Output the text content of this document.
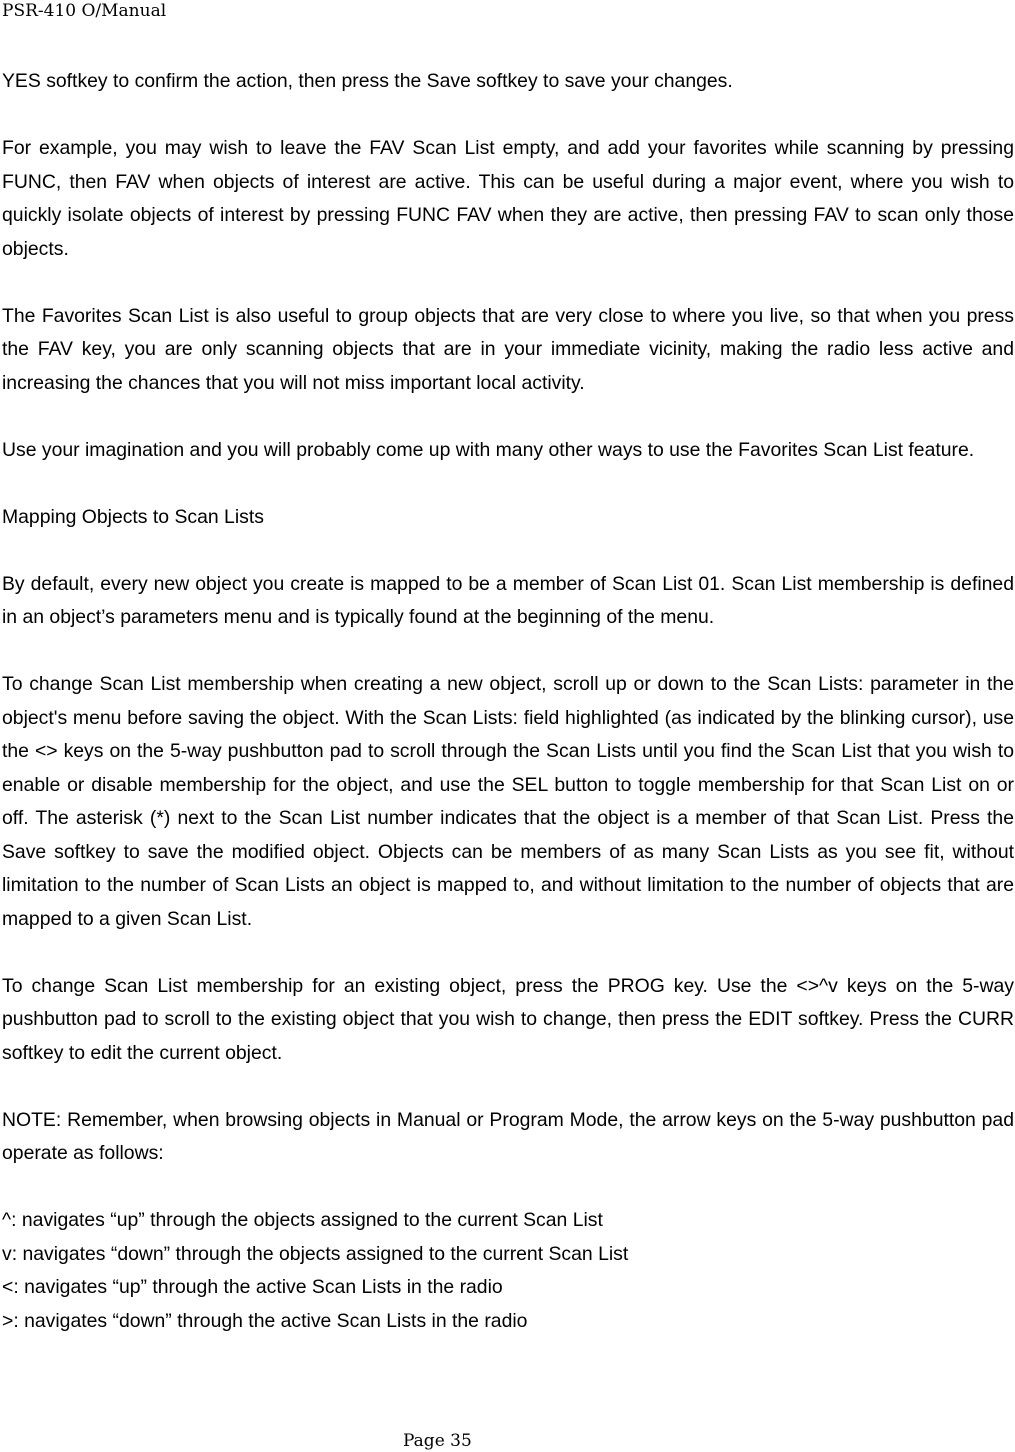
PSR-410 O/Manual

YES softkey to confirm the action, then press the Save softkey to save your changes.

For example, you may wish to leave the FAV Scan List empty, and add your favorites while scanning by pressing FUNC, then FAV when objects of interest are active. This can be useful during a major event, where you wish to quickly isolate objects of interest by pressing FUNC FAV when they are active, then pressing FAV to scan only those objects.

The Favorites Scan List is also useful to group objects that are very close to where you live, so that when you press the FAV key, you are only scanning objects that are in your immediate vicinity, making the radio less active and increasing the chances that you will not miss important local activity.

Use your imagination and you will probably come up with many other ways to use the Favorites Scan List feature.

Mapping Objects to Scan Lists

By default, every new object you create is mapped to be a member of Scan List 01. Scan List membership is defined in an object’s parameters menu and is typically found at the beginning of the menu.

To change Scan List membership when creating a new object, scroll up or down to the Scan Lists: parameter in the object's menu before saving the object. With the Scan Lists: field highlighted (as indicated by the blinking cursor), use the <> keys on the 5-way pushbutton pad to scroll through the Scan Lists until you find the Scan List that you wish to enable or disable membership for the object, and use the SEL button to toggle membership for that Scan List on or off. The asterisk (*) next to the Scan List number indicates that the object is a member of that Scan List. Press the Save softkey to save the modified object. Objects can be members of as many Scan Lists as you see fit, without limitation to the number of Scan Lists an object is mapped to, and without limitation to the number of objects that are mapped to a given Scan List.

To change Scan List membership for an existing object, press the PROG key. Use the <>^v keys on the 5-way pushbutton pad to scroll to the existing object that you wish to change, then press the EDIT softkey. Press the CURR softkey to edit the current object.

NOTE: Remember, when browsing objects in Manual or Program Mode, the arrow keys on the 5-way pushbutton pad operate as follows:

^: navigates “up” through the objects assigned to the current Scan List
v: navigates “down” through the objects assigned to the current Scan List
<: navigates “up” through the active Scan Lists in the radio
>: navigates “down” through the active Scan Lists in the radio
Page 35
